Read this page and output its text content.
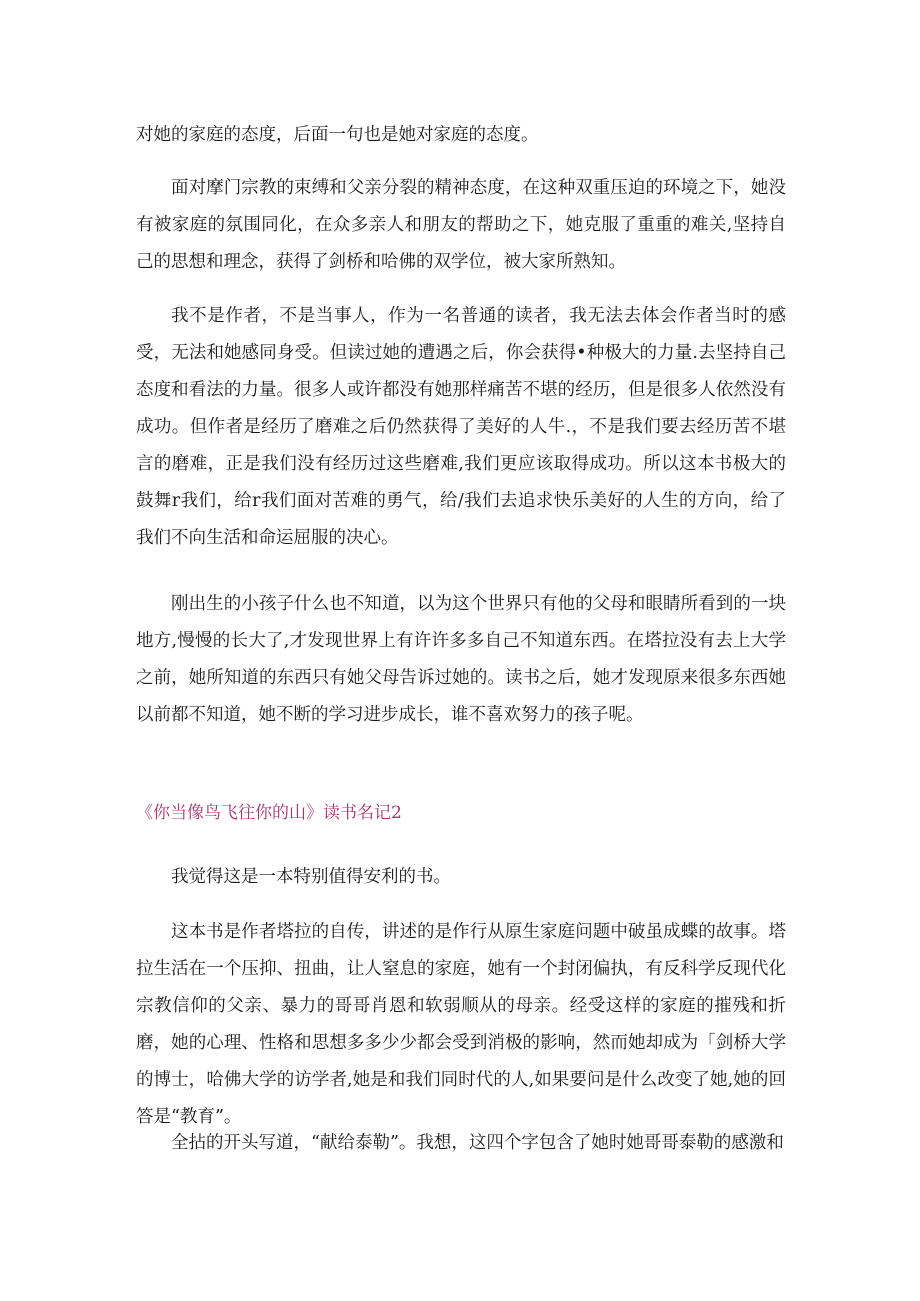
对她的家庭的态度，后面一句也是她对家庭的态度。

面对摩门宗教的束缚和父亲分裂的精神态度，在这种双重压迫的环境之下，她没有被家庭的氛围同化，在众多亲人和朋友的帮助之下，她克服了重重的难关,坚持自己的思想和理念，获得了剑桥和哈佛的双学位，被大家所熟知。

我不是作者，不是当事人，作为一名普通的读者，我无法去体会作者当时的感受，无法和她感同身受。但读过她的遭遇之后，你会获得•种极大的力量.去坚持自己态度和看法的力量。很多人或许都没有她那样痛苦不堪的经历，但是很多人依然没有成功。但作者是经历了磨难之后仍然获得了美好的人牛.，不是我们要去经历苦不堪言的磨难，正是我们没有经历过这些磨难,我们更应该取得成功。所以这本书极大的鼓舞r我们，给r我们面对苦难的勇气，给/我们去追求快乐美好的人生的方向，给了我们不向生活和命运屈服的决心。

刚出生的小孩子什么也不知道，以为这个世界只有他的父母和眼睛所看到的一块地方,慢慢的长大了,才发现世界上有许许多多自己不知道东西。在塔拉没有去上大学之前，她所知道的东西只有她父母告诉过她的。读书之后，她才发现原来很多东西她以前都不知道，她不断的学习进步成长，谁不喜欢努力的孩子呢。

《你当像鸟飞往你的山》读书名记2

我觉得这是一本特别值得安利的书。

这本书是作者塔拉的自传，讲述的是作行从原生家庭问题中破虽成蝶的故事。塔拉生活在一个压抑、扭曲，让人窒息的家庭，她有一个封闭偏执，有反科学反现代化宗教信仰的父亲、暴力的哥哥肖恩和软弱顺从的母亲。经受这样的家庭的摧残和折磨，她的心理、性格和思想多多少少都会受到消极的影响，然而她却成为「剑桥大学的博士，哈佛大学的访学者,她是和我们同时代的人,如果要问是什么改变了她,她的回答是“教育”。

全拈的开头写道，“献给泰勒”。我想，这四个字包含了她时她哥哥泰勒的感激和
